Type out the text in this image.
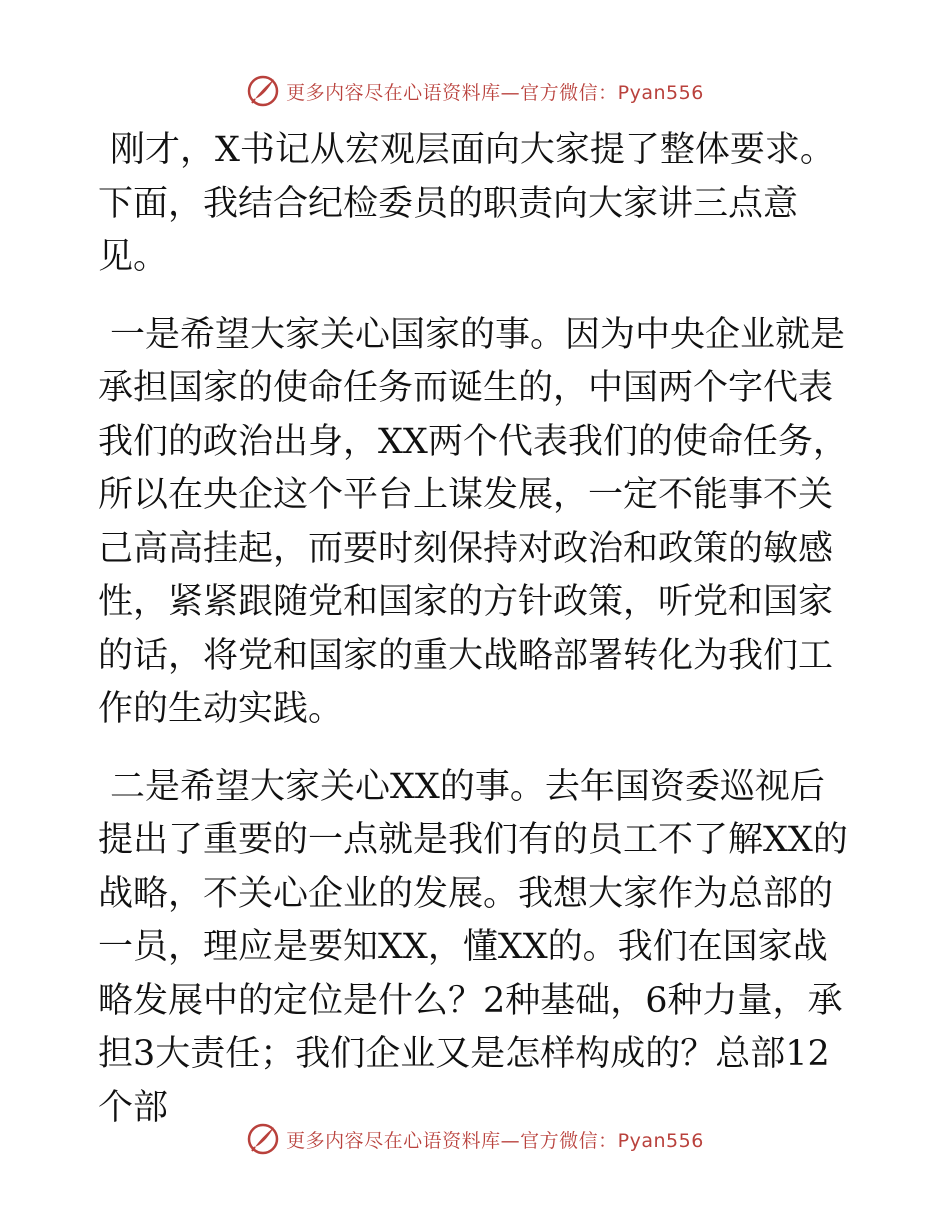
更多内容尽在心语资料库—官方微信：Pyan556

刚才，X书记从宏观层面向大家提了整体要求。下面，我结合纪检委员的职责向大家讲三点意见。

一是希望大家关心国家的事。因为中央企业就是承担国家的使命任务而诞生的，中国两个字代表我们的政治出身，XX两个代表我们的使命任务，所以在央企这个平台上谋发展，一定不能事不关己高高挂起，而要时刻保持对政治和政策的敏感性，紧紧跟随党和国家的方针政策，听党和国家的话，将党和国家的重大战略部署转化为我们工作的生动实践。

二是希望大家关心XX的事。去年国资委巡视后提出了重要的一点就是我们有的员工不了解XX的战略，不关心企业的发展。我想大家作为总部的一员，理应是要知XX，懂XX的。我们在国家战略发展中的定位是什么？2种基础，6种力量，承担3大责任；我们企业又是怎样构成的？总部12个部

更多内容尽在心语资料库—官方微信：Pyan556
